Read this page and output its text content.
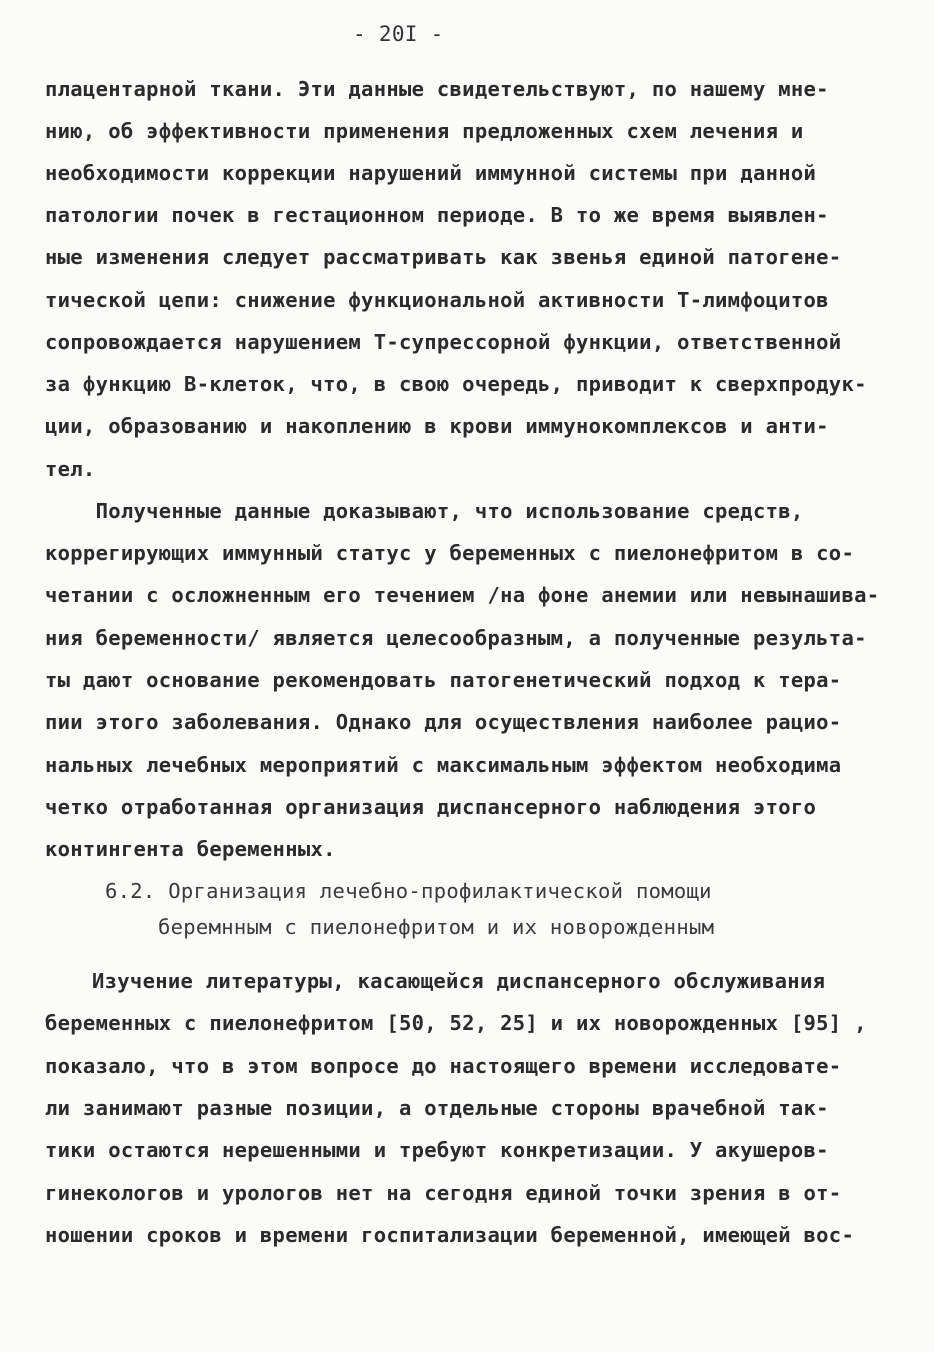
- 20I -
плацентарной ткани. Эти данные свидетельствуют, по нашему мне-
нию, об эффективности применения предложенных схем лечения и
необходимости коррекции нарушений иммунной системы при данной
патологии почек в гестационном периоде. В то же время выявлен-
ные изменения следует рассматривать как звенья единой патогене-
тической цепи: снижение функциональной активности Т-лимфоцитов
сопровождается нарушением Т-супрессорной функции, ответственной
за функцию В-клеток, что, в свою очередь, приводит к сверхпродук-
ции, образованию и накоплению в крови иммунокомплексов и анти-
тел.
Полученные данные доказывают, что использование средств,
коррегирующих иммунный статус у беременных с пиелонефритом в со-
четании с осложненным его течением /на фоне анемии или невынашива-
ния беременности/ является целесообразным, а полученные результа-
ты дают основание рекомендовать патогенетический подход к тера-
пии этого заболевания. Однако для осуществления наиболее рацио-
нальных лечебных мероприятий с максимальным эффектом необходима
четко отработанная организация диспансерного наблюдения этого
контингента беременных.
6.2. Организация лечебно-профилактической помощи
беремнным с пиелонефритом и их новорожденным
Изучение литературы, касающейся диспансерного обслуживания
беременных с пиелонефритом [50, 52, 25] и их новорожденных [95] ,
показало, что в этом вопросе до настоящего времени исследовате-
ли занимают разные позиции, а отдельные стороны врачебной так-
тики остаются нерешенными и требуют конкретизации. У акушеров-
гинекологов и урологов нет на сегодня единой точки зрения в от-
ношении сроков и времени госпитализации беременной, имеющей вос-
